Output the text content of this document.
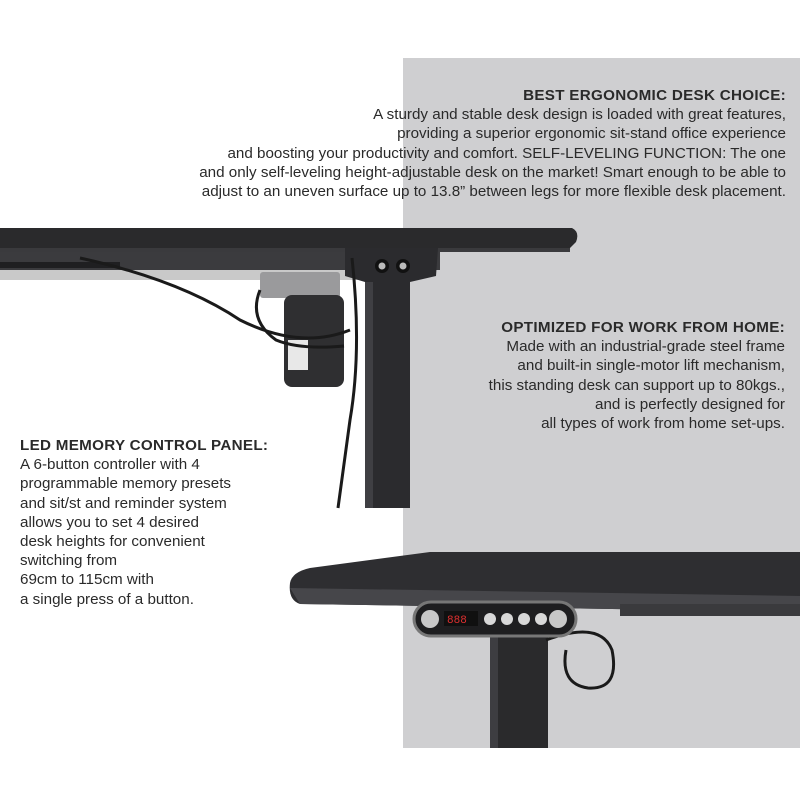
888
BEST ERGONOMIC DESK CHOICE:
A sturdy and stable desk design is loaded with great features,
providing a superior ergonomic sit-stand office experience
and boosting your productivity and comfort. SELF-LEVELING FUNCTION: The one
and only self-leveling height-adjustable desk on the market! Smart enough to be able to
adjust to an uneven surface up to 13.8” between legs for more flexible desk placement.
OPTIMIZED FOR WORK FROM HOME:
Made with an industrial-grade steel frame
and built-in single-motor lift mechanism,
this standing desk can support up to 80kgs.,
and is perfectly designed for
all types of work from home set-ups.
LED MEMORY CONTROL PANEL:
A 6-button controller with 4
programmable memory presets
and sit/st and reminder system
allows you to set 4 desired
desk heights for convenient
switching from
69cm to 115cm with
a single press of a button.
